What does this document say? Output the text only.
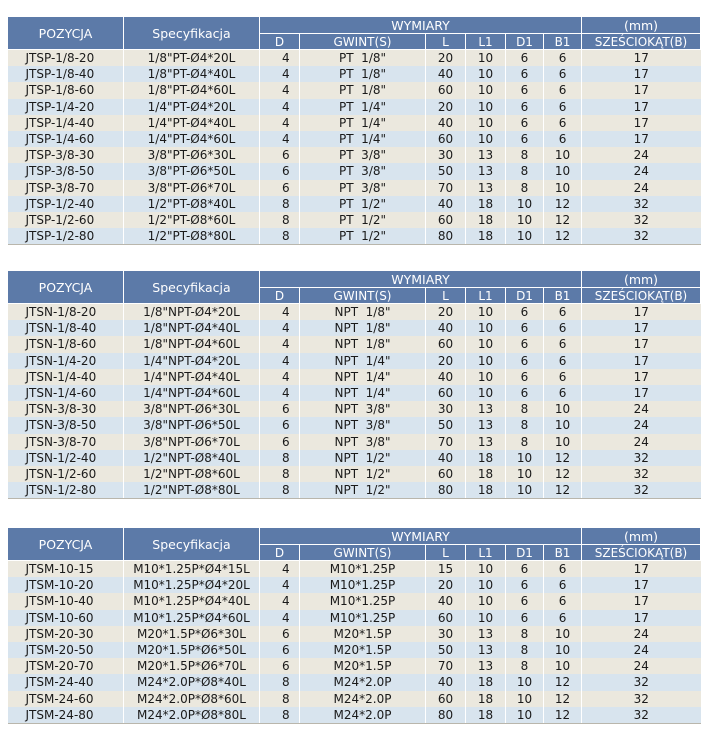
POZYCJA	Specyfikacja	WYMIARY						(mm)
		D	GWINT(S)	L	L1	D1	B1	SZEŚCIOKĄT(B)
JTSP-1/8-20	1/8"PT-Ø4*20L	4	PT  1/8"	20	10	6	6	17
JTSP-1/8-40	1/8"PT-Ø4*40L	4	PT  1/8"	40	10	6	6	17
JTSP-1/8-60	1/8"PT-Ø4*60L	4	PT  1/8"	60	10	6	6	17
JTSP-1/4-20	1/4"PT-Ø4*20L	4	PT  1/4"	20	10	6	6	17
JTSP-1/4-40	1/4"PT-Ø4*40L	4	PT  1/4"	40	10	6	6	17
JTSP-1/4-60	1/4"PT-Ø4*60L	4	PT  1/4"	60	10	6	6	17
JTSP-3/8-30	3/8"PT-Ø6*30L	6	PT  3/8"	30	13	8	10	24
JTSP-3/8-50	3/8"PT-Ø6*50L	6	PT  3/8"	50	13	8	10	24
JTSP-3/8-70	3/8"PT-Ø6*70L	6	PT  3/8"	70	13	8	10	24
JTSP-1/2-40	1/2"PT-Ø8*40L	8	PT  1/2"	40	18	10	12	32
JTSP-1/2-60	1/2"PT-Ø8*60L	8	PT  1/2"	60	18	10	12	32
JTSP-1/2-80	1/2"PT-Ø8*80L	8	PT  1/2"	80	18	10	12	32
POZYCJA	Specyfikacja	WYMIARY						(mm)
		D	GWINT(S)	L	L1	D1	B1	SZEŚCIOKĄT(B)
JTSN-1/8-20	1/8"NPT-Ø4*20L	4	NPT  1/8"	20	10	6	6	17
JTSN-1/8-40	1/8"NPT-Ø4*40L	4	NPT  1/8"	40	10	6	6	17
JTSN-1/8-60	1/8"NPT-Ø4*60L	4	NPT  1/8"	60	10	6	6	17
JTSN-1/4-20	1/4"NPT-Ø4*20L	4	NPT  1/4"	20	10	6	6	17
JTSN-1/4-40	1/4"NPT-Ø4*40L	4	NPT  1/4"	40	10	6	6	17
JTSN-1/4-60	1/4"NPT-Ø4*60L	4	NPT  1/4"	60	10	6	6	17
JTSN-3/8-30	3/8"NPT-Ø6*30L	6	NPT  3/8"	30	13	8	10	24
JTSN-3/8-50	3/8"NPT-Ø6*50L	6	NPT  3/8"	50	13	8	10	24
JTSN-3/8-70	3/8"NPT-Ø6*70L	6	NPT  3/8"	70	13	8	10	24
JTSN-1/2-40	1/2"NPT-Ø8*40L	8	NPT  1/2"	40	18	10	12	32
JTSN-1/2-60	1/2"NPT-Ø8*60L	8	NPT  1/2"	60	18	10	12	32
JTSN-1/2-80	1/2"NPT-Ø8*80L	8	NPT  1/2"	80	18	10	12	32
POZYCJA	Specyfikacja	WYMIARY						(mm)
		D	GWINT(S)	L	L1	D1	B1	SZEŚCIOKĄT(B)
JTSM-10-15	M10*1.25P*Ø4*15L	4	M10*1.25P	15	10	6	6	17
JTSM-10-20	M10*1.25P*Ø4*20L	4	M10*1.25P	20	10	6	6	17
JTSM-10-40	M10*1.25P*Ø4*40L	4	M10*1.25P	40	10	6	6	17
JTSM-10-60	M10*1.25P*Ø4*60L	4	M10*1.25P	60	10	6	6	17
JTSM-20-30	M20*1.5P*Ø6*30L	6	M20*1.5P	30	13	8	10	24
JTSM-20-50	M20*1.5P*Ø6*50L	6	M20*1.5P	50	13	8	10	24
JTSM-20-70	M20*1.5P*Ø6*70L	6	M20*1.5P	70	13	8	10	24
JTSM-24-40	M24*2.0P*Ø8*40L	8	M24*2.0P	40	18	10	12	32
JTSM-24-60	M24*2.0P*Ø8*60L	8	M24*2.0P	60	18	10	12	32
JTSM-24-80	M24*2.0P*Ø8*80L	8	M24*2.0P	80	18	10	12	32
